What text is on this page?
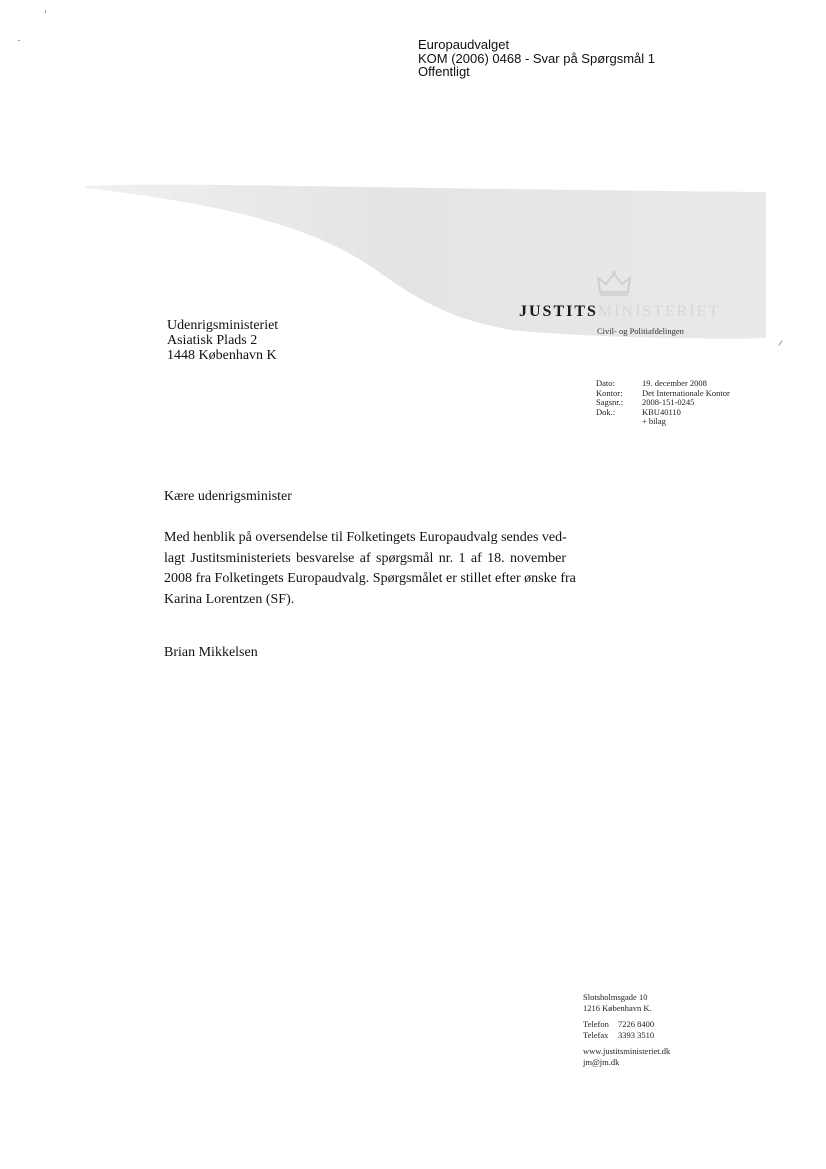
Europaudvalget
KOM (2006) 0468 - Svar på Spørgsmål 1
Offentligt
JUSTITSMINISTERIET
Civil- og Politiafdelingen
Udenrigsministeriet
Asiatisk Plads 2
1448 København K
Dato:	19. december 2008
Kontor:	Det Internationale Kontor
Sagsnr.:	2008-151-0245
Dok.:	KBU40110
+ bilag
Kære udenrigsminister
Med henblik på oversendelse til Folketingets Europaudvalg sendes ved-
lagt Justitsministeriets besvarelse af spørgsmål nr. 1 af 18. november
2008 fra Folketingets Europaudvalg. Spørgsmålet er stillet efter ønske fra
Karina Lorentzen (SF).
Brian Mikkelsen
Slotsholmsgade 10
1216 København K.
Telefon 7226 8400
Telefax 3393 3510
www.justitsministeriet.dk
jm@jm.dk
